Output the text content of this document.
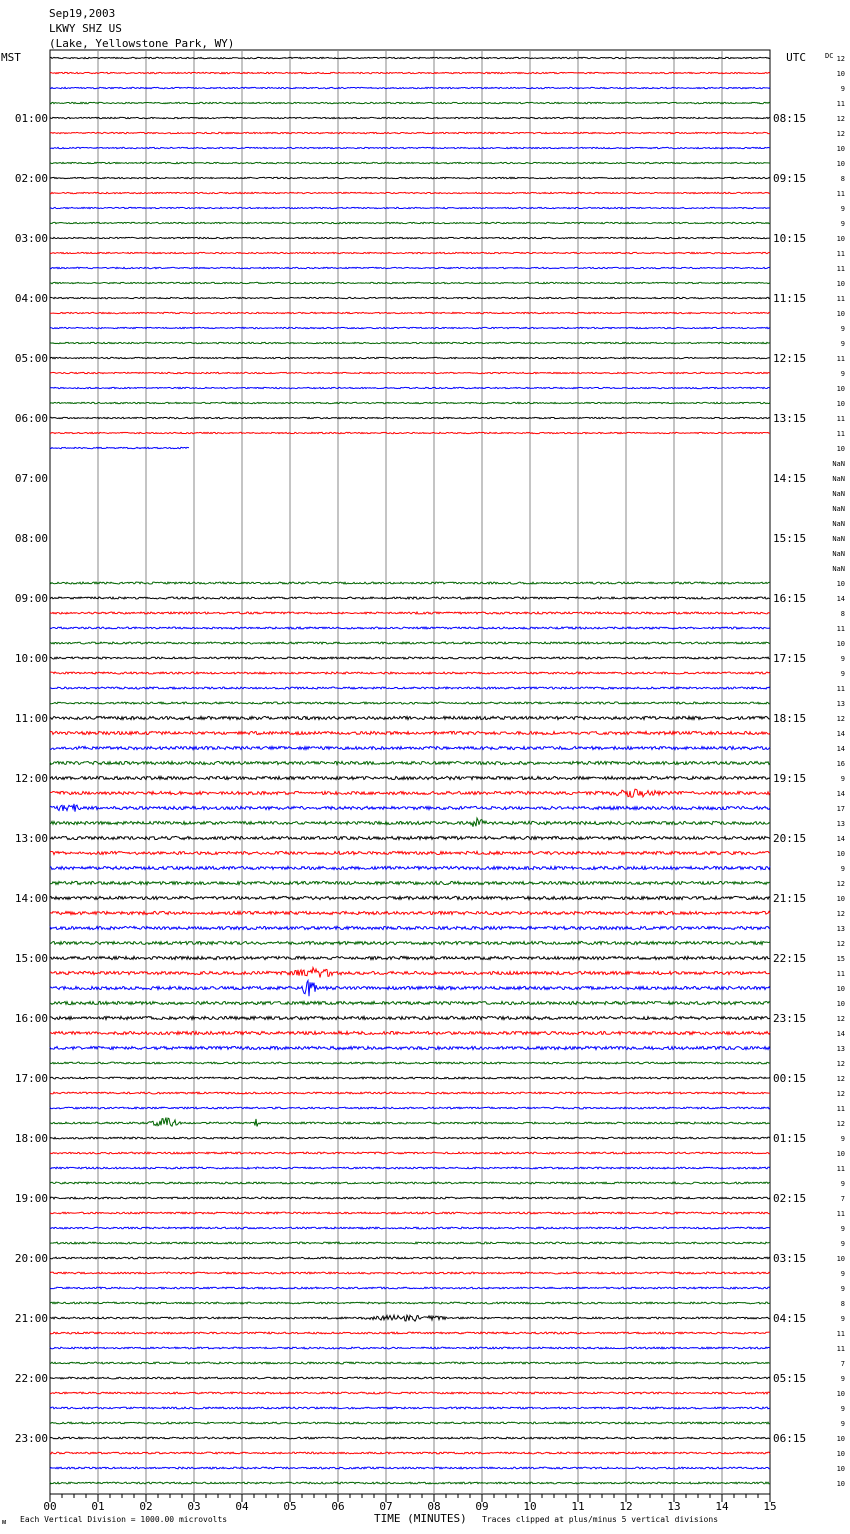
Sep19,2003
LKWY SHZ US
(Lake, Yellowstone Park, WY)
MST	UTC	DC
01:00
02:00
03:00
04:00
05:00
06:00
07:00
08:00
09:00
10:00
11:00
12:00
13:00
14:00
15:00
16:00
17:00
18:00
19:00
20:00
21:00
22:00
23:00
08:15
09:15
10:15
11:15
12:15
13:15
14:15
15:15
16:15
17:15
18:15
19:15
20:15
21:15
22:15
23:15
00:15
01:15
02:15
03:15
04:15
05:15
06:15
12
10
9
11
12
12
10
10
8
11
9
9
10
11
11
10
11
10
9
9
11
9
10
10
11
11
10
NaN
NaN
NaN
NaN
NaN
NaN
NaN
NaN
10
14
8
11
10
9
9
11
13
12
14
14
16
9
14
17
13
14
10
9
12
10
12
13
12
15
11
10
10
12
14
13
12
12
12
11
12
9
10
11
9
7
11
9
9
10
9
9
8
9
11
11
7
9
10
9
9
10
10
10
10
00	01	02	03	04	05	06	07	08	09	10	11	12	13	14	15
ᴍ Each Vertical Division = 1000.00 microvolts	TIME (MINUTES) Traces clipped at plus/minus 5 vertical divisions
